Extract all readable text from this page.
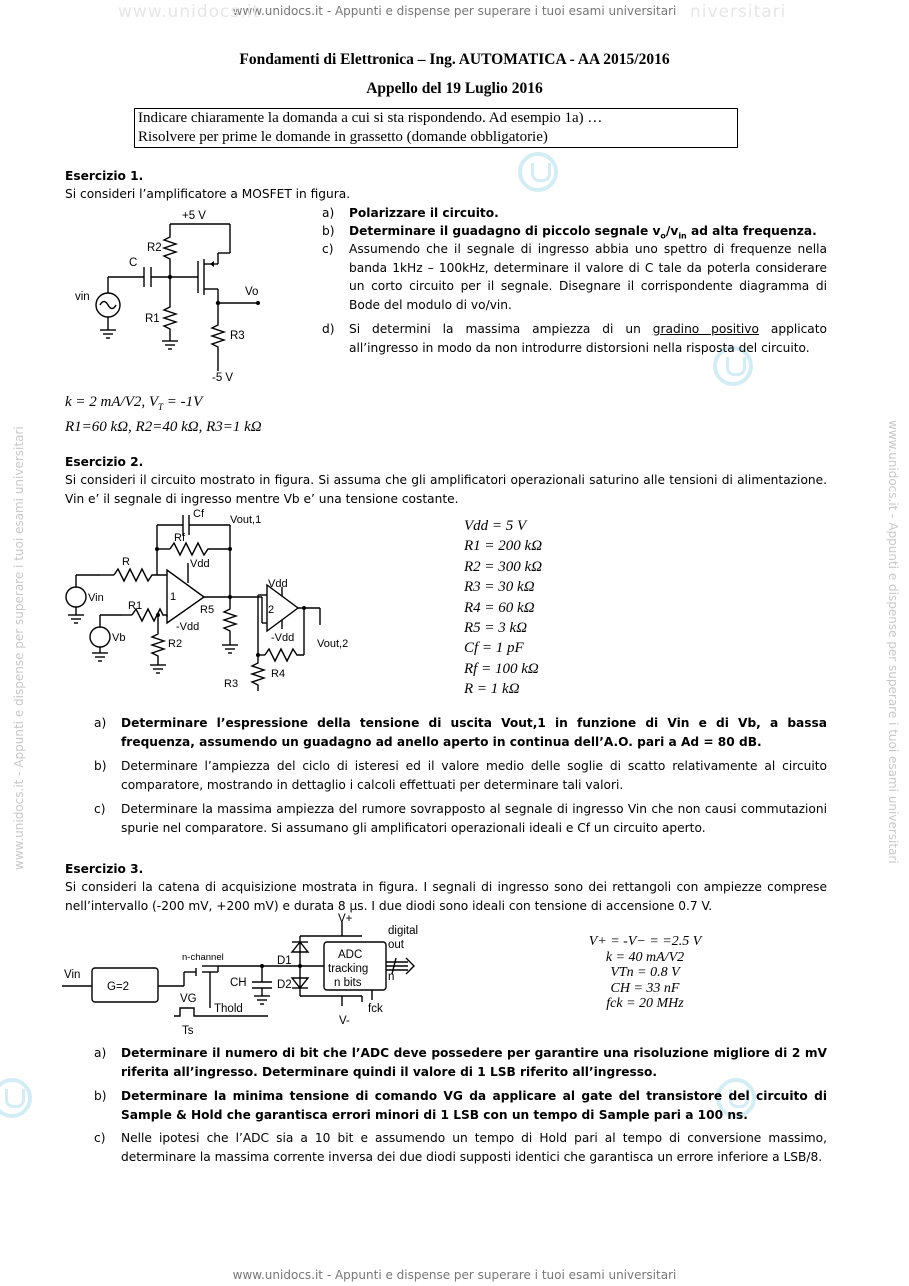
www.unidocs.it - Appunti e dispense per superare i tuoi esami universitari
www.unidocs.it - Appunti e dispense per superare i tuoi esami universitari
www.unidocs.it	niversitari
www.unidocs.it - Appunti e dispense per superare i tuoi esami universitari	www.unidocs.it - Appunti e dispense per superare i tuoi esami universitari
Fondamenti di Elettronica – Ing. AUTOMATICA - AA 2015/2016
Appello del 19 Luglio 2016
Indicare chiaramente la domanda a cui si sta rispondendo. Ad esempio 1a) …
Risolvere per prime le domande in grassetto (domande obbligatorie)
Esercizio 1.
Si consideri l’amplificatore a MOSFET in figura.
+5 V
R2
R1
C
vin	Vo
R3
-5 V
a) Polarizzare il circuito.
b) Determinare il guadagno di piccolo segnale $v_o/v_{in}$ ad alta frequenza.
c) Assumendo che il segnale di ingresso abbia uno spettro di frequenze nella banda 1kHz – 100kHz, determinare il valore di C tale da poterla considerare un corto circuito per il segnale. Disegnare il corrispondente diagramma di Bode del modulo di vo/vin.
d) Si determini la massima ampiezza di un gradino positivo applicato all’ingresso in modo da non introdurre distorsioni nella risposta del circuito.
k = 2 mA/V2, $V_T = -1V$
R1=60 kΩ, R2=40 kΩ, R3=1 kΩ
Esercizio 2.
Si consideri il circuito mostrato in figura. Si assuma che gli amplificatori operazionali saturino alle tensioni di alimentazione. Vin e’ il segnale di ingresso mentre Vb e’ una tensione costante.
Cf Vout,1
Rf
R	Vdd
1
Vin
R1
-Vdd
R5
Vb	R2
Vdd
2
-Vdd Vout,2
R4
R3
Vdd = 5 V
R1 = 200 kΩ
R2 = 300 kΩ
R3 = 30 kΩ
R4 = 60 kΩ
R5 = 3 kΩ
Cf = 1 pF
Rf = 100 kΩ
R = 1 kΩ
a) Determinare l’espressione della tensione di uscita Vout,1 in funzione di Vin e di Vb, a bassa frequenza, assumendo un guadagno ad anello aperto in continua dell’A.O. pari a Ad = 80 dB.
b) Determinare l’ampiezza del ciclo di isteresi ed il valore medio delle soglie di scatto relativamente al circuito comparatore, mostrando in dettaglio i calcoli effettuati per determinare tali valori.
c) Determinare la massima ampiezza del rumore sovrapposto al segnale di ingresso Vin che non causi commutazioni spurie nel comparatore. Si assumano gli amplificatori operazionali ideali e Cf un circuito aperto.
Esercizio 3.
Si consideri la catena di acquisizione mostrata in figura. I segnali di ingresso sono dei rettangoli con ampiezze comprese nell’intervallo (-200 mV, +200 mV) e durata 8 µs. I due diodi sono ideali con tensione di accensione 0.7 V.
Vin
G=2
n-channel
VG
CH
D1
D2
ADC
tracking
n bits
digital
out
n
V+
V-
fck
Ts
Thold
V+ = -V− = =2.5 V
k = 40 mA/V2
VTn = 0.8 V
CH = 33 nF
fck = 20 MHz
a) Determinare il numero di bit che l’ADC deve possedere per garantire una risoluzione migliore di 2 mV riferita all’ingresso. Determinare quindi il valore di 1 LSB riferito all’ingresso.
b) Determinare la minima tensione di comando VG da applicare al gate del transistore del circuito di Sample & Hold che garantisca errori minori di 1 LSB con un tempo di Sample pari a 100 ns.
c) Nelle ipotesi che l’ADC sia a 10 bit e assumendo un tempo di Hold pari al tempo di conversione massimo, determinare la massima corrente inversa dei due diodi supposti identici che garantisca un errore inferiore a LSB/8.
